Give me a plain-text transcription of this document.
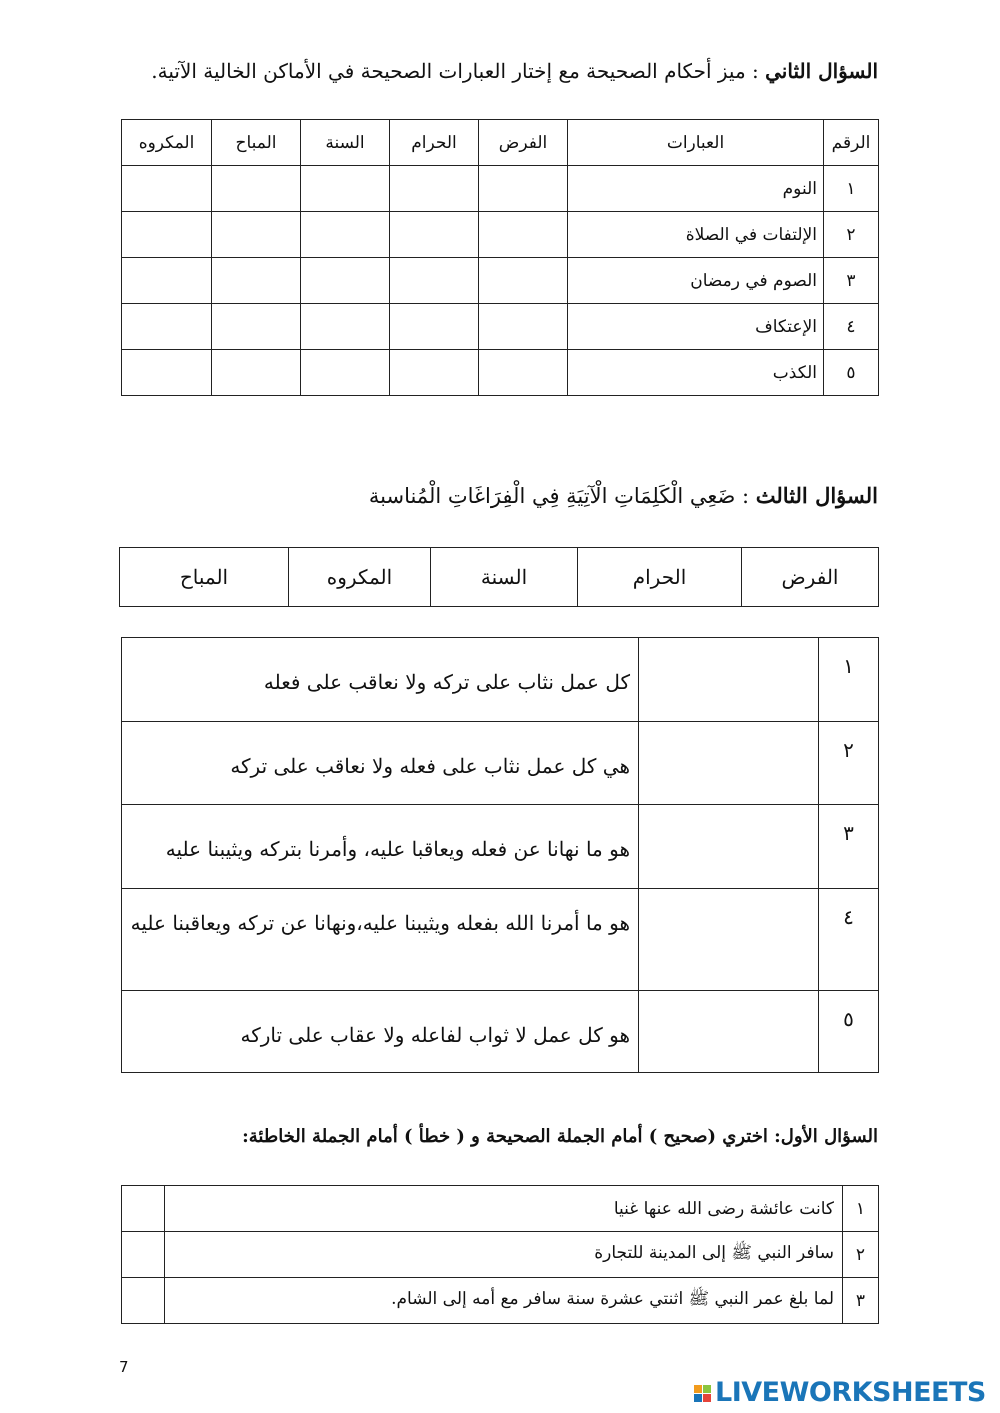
السؤال الثاني : ميز أحكام الصحيحة مع إختار العبارات الصحيحة في الأماكن الخالية الآتية.
الرقم	العبارات	الفرض	الحرام	السنة	المباح	المكروه
١	النوم					
٢	الإلتفات في الصلاة					
٣	الصوم في رمضان					
٤	الإعتكاف					
٥	الكذب					
السؤال الثالث : ضَعِي الْكَلِمَاتِ الْآتِيَةِ فِي الْفِرَاغَاتِ الْمُناسبة
الفرض	الحرام	السنة	المكروه	المباح
١		كل عمل نثاب على تركه ولا نعاقب على فعله
٢		هي كل عمل نثاب على فعله ولا نعاقب على تركه
٣		هو ما نهانا عن فعله ويعاقبا عليه، وأمرنا بتركه ويثيبنا عليه
٤		هو ما أمرنا الله بفعله ويثيبنا عليه،ونهانا عن تركه ويعاقبنا عليه
٥		هو كل عمل لا ثواب لفاعله ولا عقاب على تاركه
السؤال الأول: اختري (صحيح ) أمام الجملة الصحيحة و ( خطأ ) أمام الجملة الخاطئة:
١	كانت عائشة رضى الله عنها غنيا	
٢	سافر النبي ﷺ إلى المدينة للتجارة	
٣	لما بلغ عمر النبي ﷺ اثنتي عشرة سنة سافر مع أمه إلى الشام.	
7
LIVEWORKSHEETS
